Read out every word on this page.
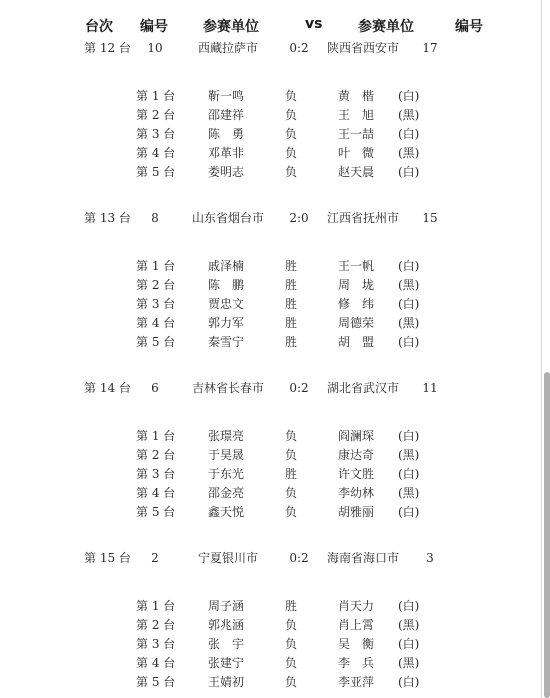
台次 编号	参赛单位	vs	参赛单位	编号
第 12 台	10	西藏拉萨市	0:2	陕西省西安市	17
第 1 台	靳一鸣	负	黄　楷	(白)
第 2 台	邵建祥	负	王　旭	(黑)
第 3 台	陈　勇	负	王一喆	(白)
第 4 台	邓革非	负	叶　微	(黑)
第 5 台	娄明志	负	赵天晨	(白)
第 13 台	8	山东省烟台市	2:0	江西省抚州市	15
第 1 台	戚泽楠	胜	王一帆	(白)
第 2 台	陈　鹏	胜	周　垅	(黑)
第 3 台	贾忠文	胜	修　纬	(白)
第 4 台	郭力军	胜	周德荣	(黑)
第 5 台	秦雪宁	胜	胡　盟	(白)
第 14 台	6	吉林省长春市	0:2	湖北省武汉市	11
第 1 台	张璟亮	负	阎澜琛	(白)
第 2 台	于昊晟	负	康达奇	(黑)
第 3 台	于东光	胜	许文胜	(白)
第 4 台	邵金亮	负	李幼林	(黑)
第 5 台	鑫天悦	负	胡雅丽	(白)
第 15 台	2	宁夏银川市	0:2	海南省海口市	3
第 1 台	周子涵	胜	肖天力	(白)
第 2 台	郭兆涵	负	肖上霄	(黑)
第 3 台	张　宇	负	吴　衡	(白)
第 4 台	张建宁	负	李　兵	(黑)
第 5 台	王婧初	负	李亚萍	(白)
